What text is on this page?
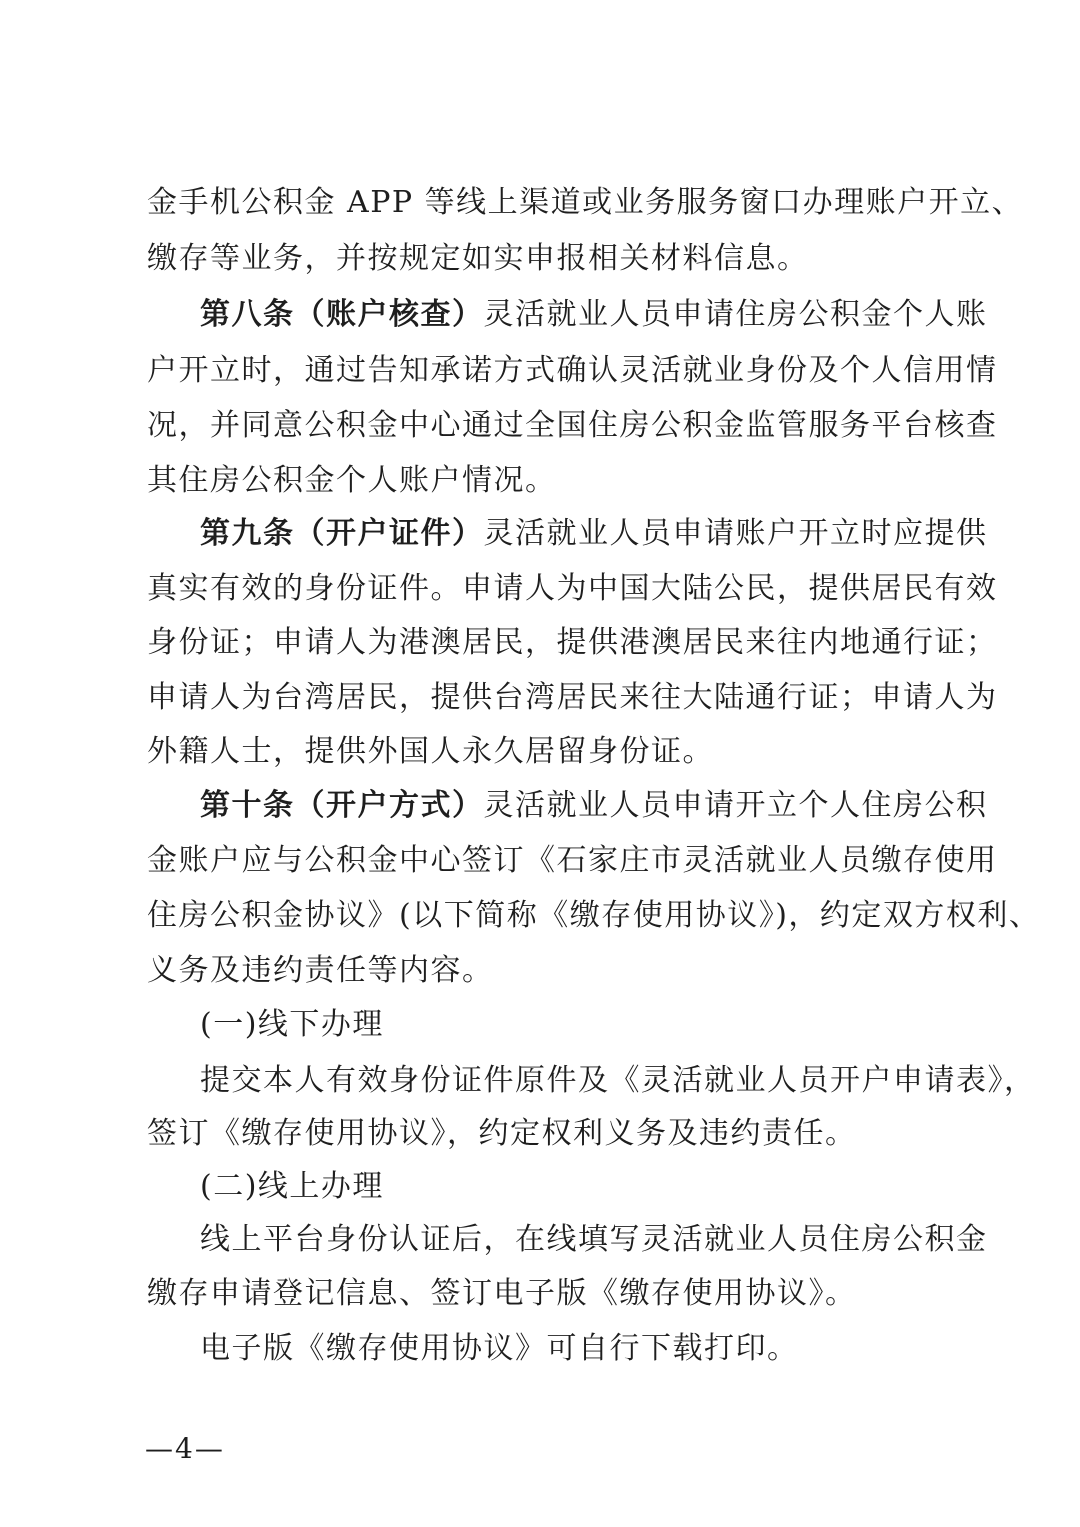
金手机公积金 APP 等线上渠道或业务服务窗口办理账户开立、
缴存等业务，并按规定如实申报相关材料信息。
第八条（账户核查）灵活就业人员申请住房公积金个人账
户开立时，通过告知承诺方式确认灵活就业身份及个人信用情
况，并同意公积金中心通过全国住房公积金监管服务平台核查
其住房公积金个人账户情况。
第九条（开户证件）灵活就业人员申请账户开立时应提供
真实有效的身份证件。申请人为中国大陆公民，提供居民有效
身份证；申请人为港澳居民，提供港澳居民来往内地通行证；
申请人为台湾居民，提供台湾居民来往大陆通行证；申请人为
外籍人士，提供外国人永久居留身份证。
第十条（开户方式）灵活就业人员申请开立个人住房公积
金账户应与公积金中心签订《石家庄市灵活就业人员缴存使用
住房公积金协议》(以下简称《缴存使用协议》)，约定双方权利、
义务及违约责任等内容。
(一)线下办理
提交本人有效身份证件原件及《灵活就业人员开户申请表》，
签订《缴存使用协议》，约定权利义务及违约责任。
(二)线上办理
线上平台身份认证后，在线填写灵活就业人员住房公积金
缴存申请登记信息、签订电子版《缴存使用协议》。
电子版《缴存使用协议》可自行下载打印。
—4—
